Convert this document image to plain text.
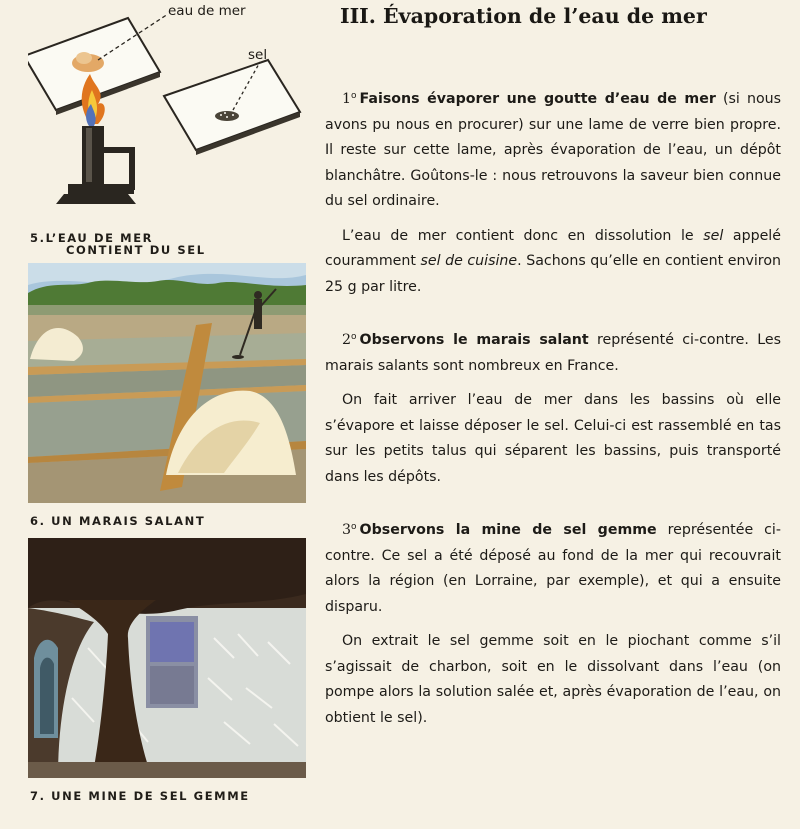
eau de mer
sel
5.L’EAU DE MER
CONTIENT DU SEL
6. UN MARAIS SALANT
7. UNE MINE DE SEL GEMME
III. Évaporation de l’eau de mer

1$^o$ Faisons évaporer une goutte d’eau de mer (si nous avons pu nous en procurer) sur une lame de verre bien propre. Il reste sur cette lame, après évaporation de l’eau, un dépôt blanchâtre. Goûtons-le : nous retrouvons la saveur bien connue du sel ordinaire.

L’eau de mer contient donc en dissolution le sel appelé couramment sel de cuisine. Sachons qu’elle en contient environ 25 g par litre.

2$^o$ Observons le marais salant représenté ci-contre. Les marais salants sont nombreux en France.

On fait arriver l’eau de mer dans les bassins où elle s’évapore et laisse déposer le sel. Celui-ci est rassemblé en tas sur les petits talus qui séparent les bassins, puis transporté dans les dépôts.

3$^o$ Observons la mine de sel gemme représentée ci-contre. Ce sel a été déposé au fond de la mer qui recouvrait alors la région (en Lorraine, par exemple), et qui a ensuite disparu.

On extrait le sel gemme soit en le piochant comme s’il s’agissait de charbon, soit en le dissolvant dans l’eau (on pompe alors la solution salée et, après évaporation de l’eau, on obtient le sel).
